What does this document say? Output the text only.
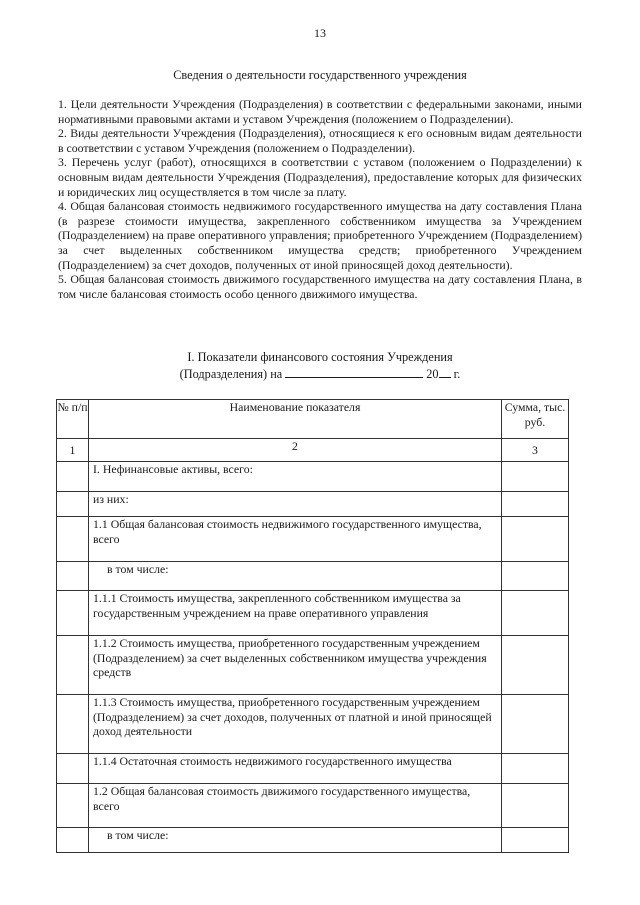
13
Сведения о деятельности государственного учреждения

1. Цели деятельности Учреждения (Подразделения) в соответствии с федеральными законами, иными нормативными правовыми актами и уставом Учреждения (положением о Подразделении).

2. Виды деятельности Учреждения (Подразделения), относящиеся к его основным видам деятельности в соответствии с уставом Учреждения (положением о Подразделении).

3. Перечень услуг (работ), относящихся в соответствии с уставом (положением о Подразделении) к основным видам деятельности Учреждения (Подразделения), предоставление которых для физических и юридических лиц осуществляется в том числе за плату.

4. Общая балансовая стоимость недвижимого государственного имущества на дату составления Плана (в разрезе стоимости имущества, закрепленного собственником имущества за Учреждением (Подразделением) на праве оперативного управления; приобретенного Учреждением (Подразделением) за счет выделенных собственником имущества средств; приобретенного Учреждением (Подразделением) за счет доходов, полученных от иной приносящей доход деятельности).

5. Общая балансовая стоимость движимого государственного имущества на дату составления Плана, в том числе балансовая стоимость особо ценного движимого имущества.

I. Показатели финансового состояния Учреждения
(Подразделения) на	20 г.
№ п/п	Наименование показателя	Сумма, тыс. руб.
1	2	3
	I. Нефинансовые активы, всего:	
	из них:	
	1.1 Общая балансовая стоимость недвижимого государственного имущества, всего	
	в том числе:	
	1.1.1 Стоимость имущества, закрепленного собственником имущества за государственным учреждением на праве оперативного управления	
	1.1.2 Стоимость имущества, приобретенного государственным учреждением (Подразделением) за счет выделенных собственником имущества учреждения средств	
	1.1.3 Стоимость имущества, приобретенного государственным учреждением (Подразделением) за счет доходов, полученных от платной и иной приносящей доход деятельности	
	1.1.4 Остаточная стоимость недвижимого государственного имущества	
	1.2 Общая балансовая стоимость движимого государственного имущества, всего	
	в том числе:	
